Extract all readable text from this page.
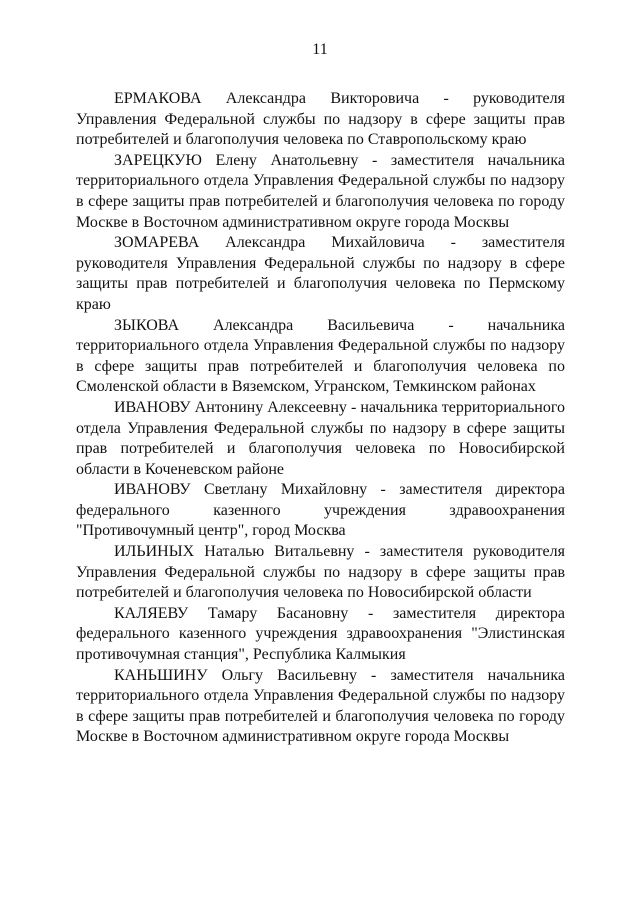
11

ЕРМАКОВА Александра Викторовича - руководителя Управления Федеральной службы по надзору в сфере защиты прав потребителей и благополучия человека по Ставропольскому краю

ЗАРЕЦКУЮ Елену Анатольевну - заместителя начальника территориального отдела Управления Федеральной службы по надзору в сфере защиты прав потребителей и благополучия человека по городу Москве в Восточном административном округе города Москвы

ЗОМАРЕВА Александра Михайловича - заместителя руководителя Управления Федеральной службы по надзору в сфере защиты прав потребителей и благополучия человека по Пермскому краю

ЗЫКОВА Александра Васильевича - начальника территориального отдела Управления Федеральной службы по надзору в сфере защиты прав потребителей и благополучия человека по Смоленской области в Вяземском, Угранском, Темкинском районах

ИВАНОВУ Антонину Алексеевну - начальника территориального отдела Управления Федеральной службы по надзору в сфере защиты прав потребителей и благополучия человека по Новосибирской области в Коченевском районе

ИВАНОВУ Светлану Михайловну - заместителя директора федерального казенного учреждения здравоохранения "Противочумный центр", город Москва

ИЛЬИНЫХ Наталью Витальевну - заместителя руководителя Управления Федеральной службы по надзору в сфере защиты прав потребителей и благополучия человека по Новосибирской области

КАЛЯЕВУ Тамару Басановну - заместителя директора федерального казенного учреждения здравоохранения "Элистинская противочумная станция", Республика Калмыкия

КАНЬШИНУ Ольгу Васильевну - заместителя начальника территориального отдела Управления Федеральной службы по надзору в сфере защиты прав потребителей и благополучия человека по городу Москве в Восточном административном округе города Москвы
